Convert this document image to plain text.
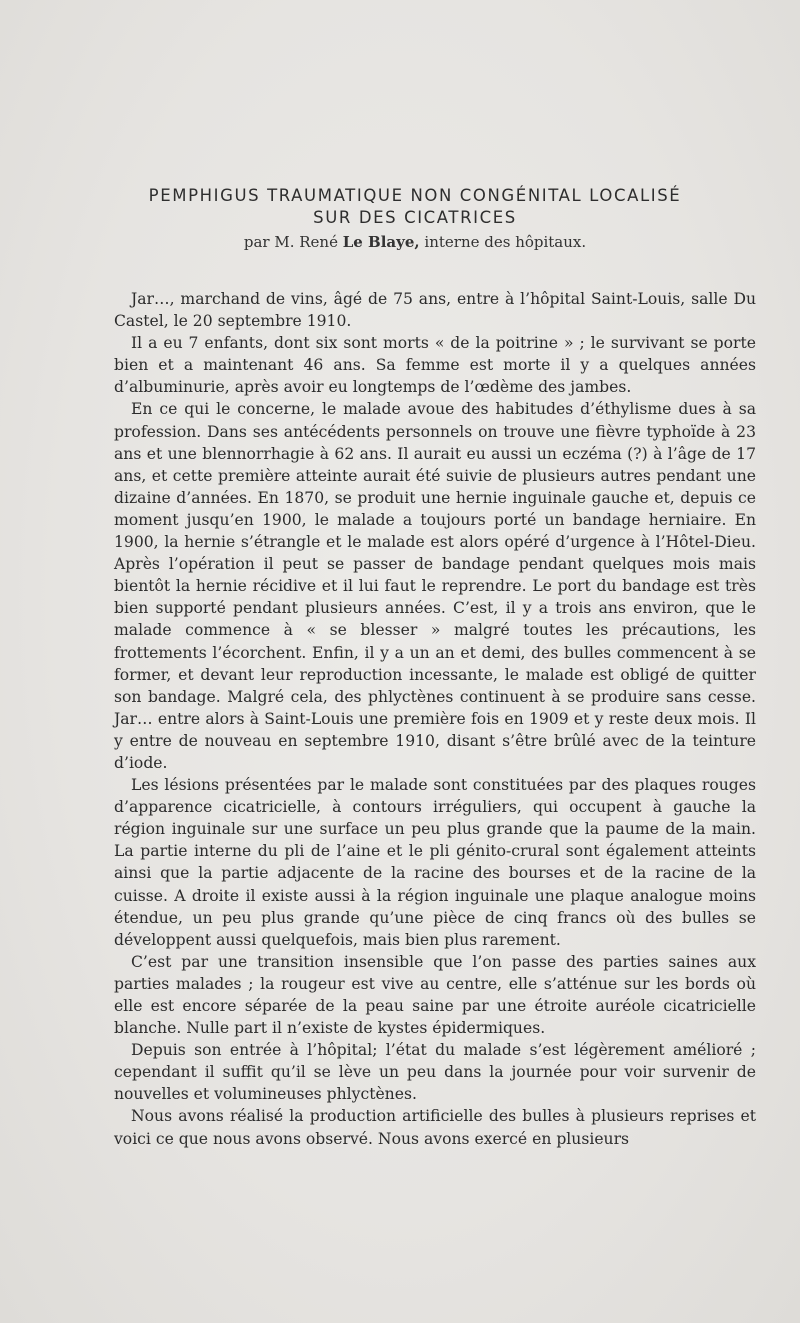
PEMPHIGUS TRAUMATIQUE NON CONGÉNITAL LOCALISÉ
SUR DES CICATRICES
par M. René Le Blaye, interne des hôpitaux.

Jar…, marchand de vins, âgé de 75 ans, entre à l’hôpital Saint-Louis, salle Du Castel, le 20 septembre 1910.

Il a eu 7 enfants, dont six sont morts « de la poitrine » ; le survivant se porte bien et a maintenant 46 ans. Sa femme est morte il y a quelques années d’albuminurie, après avoir eu longtemps de l’œdème des jambes.

En ce qui le concerne, le malade avoue des habitudes d’éthylisme dues à sa profession. Dans ses antécédents personnels on trouve une fièvre typhoïde à 23 ans et une blennorrhagie à 62 ans. Il aurait eu aussi un eczéma (?) à l’âge de 17 ans, et cette première atteinte aurait été suivie de plusieurs autres pendant une dizaine d’années. En 1870, se produit une hernie inguinale gauche et, depuis ce moment jusqu’en 1900, le malade a toujours porté un bandage herniaire. En 1900, la hernie s’étrangle et le malade est alors opéré d’urgence à l’Hôtel-Dieu. Après l’opération il peut se passer de bandage pendant quelques mois mais bientôt la hernie récidive et il lui faut le reprendre. Le port du bandage est très bien supporté pendant plusieurs années. C’est, il y a trois ans environ, que le malade commence à « se blesser » malgré toutes les précautions, les frottements l’écorchent. Enfin, il y a un an et demi, des bulles commencent à se former, et devant leur reproduction incessante, le malade est obligé de quitter son bandage. Malgré cela, des phlyctènes continuent à se produire sans cesse. Jar… entre alors à Saint-Louis une première fois en 1909 et y reste deux mois. Il y entre de nouveau en septembre 1910, disant s’être brûlé avec de la teinture d’iode.

Les lésions présentées par le malade sont constituées par des plaques rouges d’apparence cicatricielle, à contours irréguliers, qui occupent à gauche la région inguinale sur une surface un peu plus grande que la paume de la main. La partie interne du pli de l’aine et le pli génito-crural sont également atteints ainsi que la partie adjacente de la racine des bourses et de la racine de la cuisse. A droite il existe aussi à la région inguinale une plaque analogue moins étendue, un peu plus grande qu’une pièce de cinq francs où des bulles se développent aussi quelquefois, mais bien plus rarement.

C’est par une transition insensible que l’on passe des parties saines aux parties malades ; la rougeur est vive au centre, elle s’atténue sur les bords où elle est encore séparée de la peau saine par une étroite auréole cicatricielle blanche. Nulle part il n’existe de kystes épidermiques.

Depuis son entrée à l’hôpital; l’état du malade s’est légèrement amélioré ; cependant il suffit qu’il se lève un peu dans la journée pour voir survenir de nouvelles et volumineuses phlyctènes.

Nous avons réalisé la production artificielle des bulles à plusieurs reprises et voici ce que nous avons observé. Nous avons exercé en plusieurs
